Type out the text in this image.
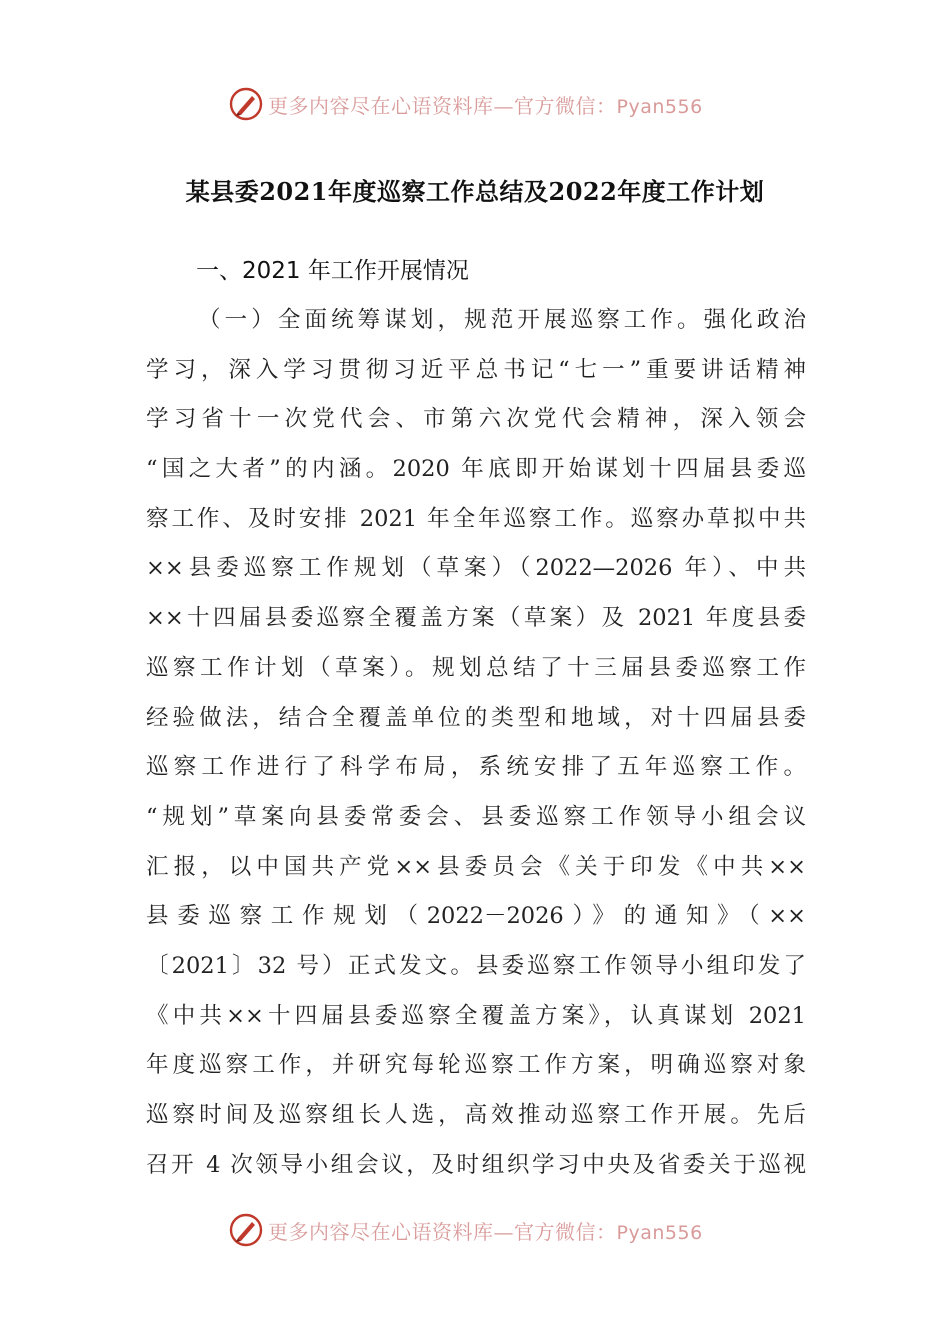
更多内容尽在心语资料库—官方微信：Pyan556
某县委2021年度巡察工作总结及2022年度工作计划
一、2021 年工作开展情况
（一）全面统筹谋划，规范开展巡察工作。强化政治
学习，深入学习贯彻习近平总书记“七一”重要讲话精神
学习省十一次党代会、市第六次党代会精神，深入领会
“国之大者”的内涵。2020 年底即开始谋划十四届县委巡
察工作、及时安排 2021 年全年巡察工作。巡察办草拟中共
××县委巡察工作规划（草案）（2022—2026 年）、中共
××十四届县委巡察全覆盖方案（草案）及 2021 年度县委
巡察工作计划（草案）。规划总结了十三届县委巡察工作
经验做法，结合全覆盖单位的类型和地域，对十四届县委
巡察工作进行了科学布局，系统安排了五年巡察工作。
“规划”草案向县委常委会、县委巡察工作领导小组会议
汇报，以中国共产党××县委员会《关于印发《中共××
县委巡察工作规划（2022－2026）》的通知》（××
〔2021〕32 号）正式发文。县委巡察工作领导小组印发了
《中共××十四届县委巡察全覆盖方案》，认真谋划 2021
年度巡察工作，并研究每轮巡察工作方案，明确巡察对象
巡察时间及巡察组长人选，高效推动巡察工作开展。先后
召开 4 次领导小组会议，及时组织学习中央及省委关于巡视
更多内容尽在心语资料库—官方微信：Pyan556
